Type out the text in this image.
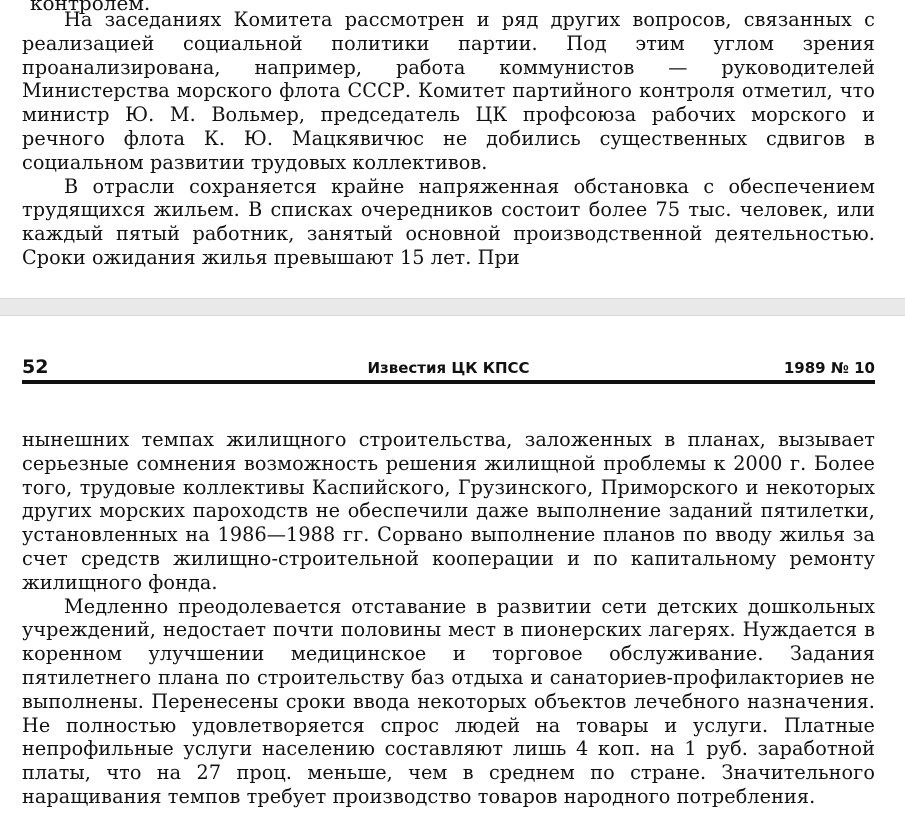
контролем.

На заседаниях Комитета рассмотрен и ряд других вопросов, связанных с реализацией социальной политики партии. Под этим углом зрения проанализирована, например, работа коммунистов — руководителей Министерства морского флота СССР. Комитет партийного контроля отметил, что министр Ю. М. Вольмер, председатель ЦК профсоюза рабочих морского и речного флота К. Ю. Мацкявичюс не добились существенных сдвигов в социальном развитии трудовых коллективов.

В отрасли сохраняется крайне напряженная обстановка с обеспечением трудящихся жильем. В списках очередников состоит более 75 тыс. человек, или каждый пятый работник, занятый основной производственной деятельностью. Сроки ожидания жилья превышают 15 лет. При

52	Известия ЦК КПСС	1989 № 10

нынешних темпах жилищного строительства, заложенных в планах, вызывает серьезные сомнения возможность решения жилищной проблемы к 2000 г. Более того, трудовые коллективы Каспийского, Грузинского, Приморского и некоторых других морских пароходств не обеспечили даже выполнение заданий пятилетки, установленных на 1986—1988 гг. Сорвано выполнение планов по вводу жилья за счет средств жилищно-строительной кооперации и по капитальному ремонту жилищного фонда.

Медленно преодолевается отставание в развитии сети детских дошкольных учреждений, недостает почти половины мест в пионерских лагерях. Нуждается в коренном улучшении медицинское и торговое обслуживание. Задания пятилетнего плана по строительству баз отдыха и санаториев-профилакториев не выполнены. Перенесены сроки ввода некоторых объектов лечебного назначения. Не полностью удовлетворяется спрос людей на товары и услуги. Платные непрофильные услуги населению составляют лишь 4 коп. на 1 руб. заработной платы, что на 27 проц. меньше, чем в среднем по стране. Значительного наращивания темпов требует производство товаров народного потребления.
